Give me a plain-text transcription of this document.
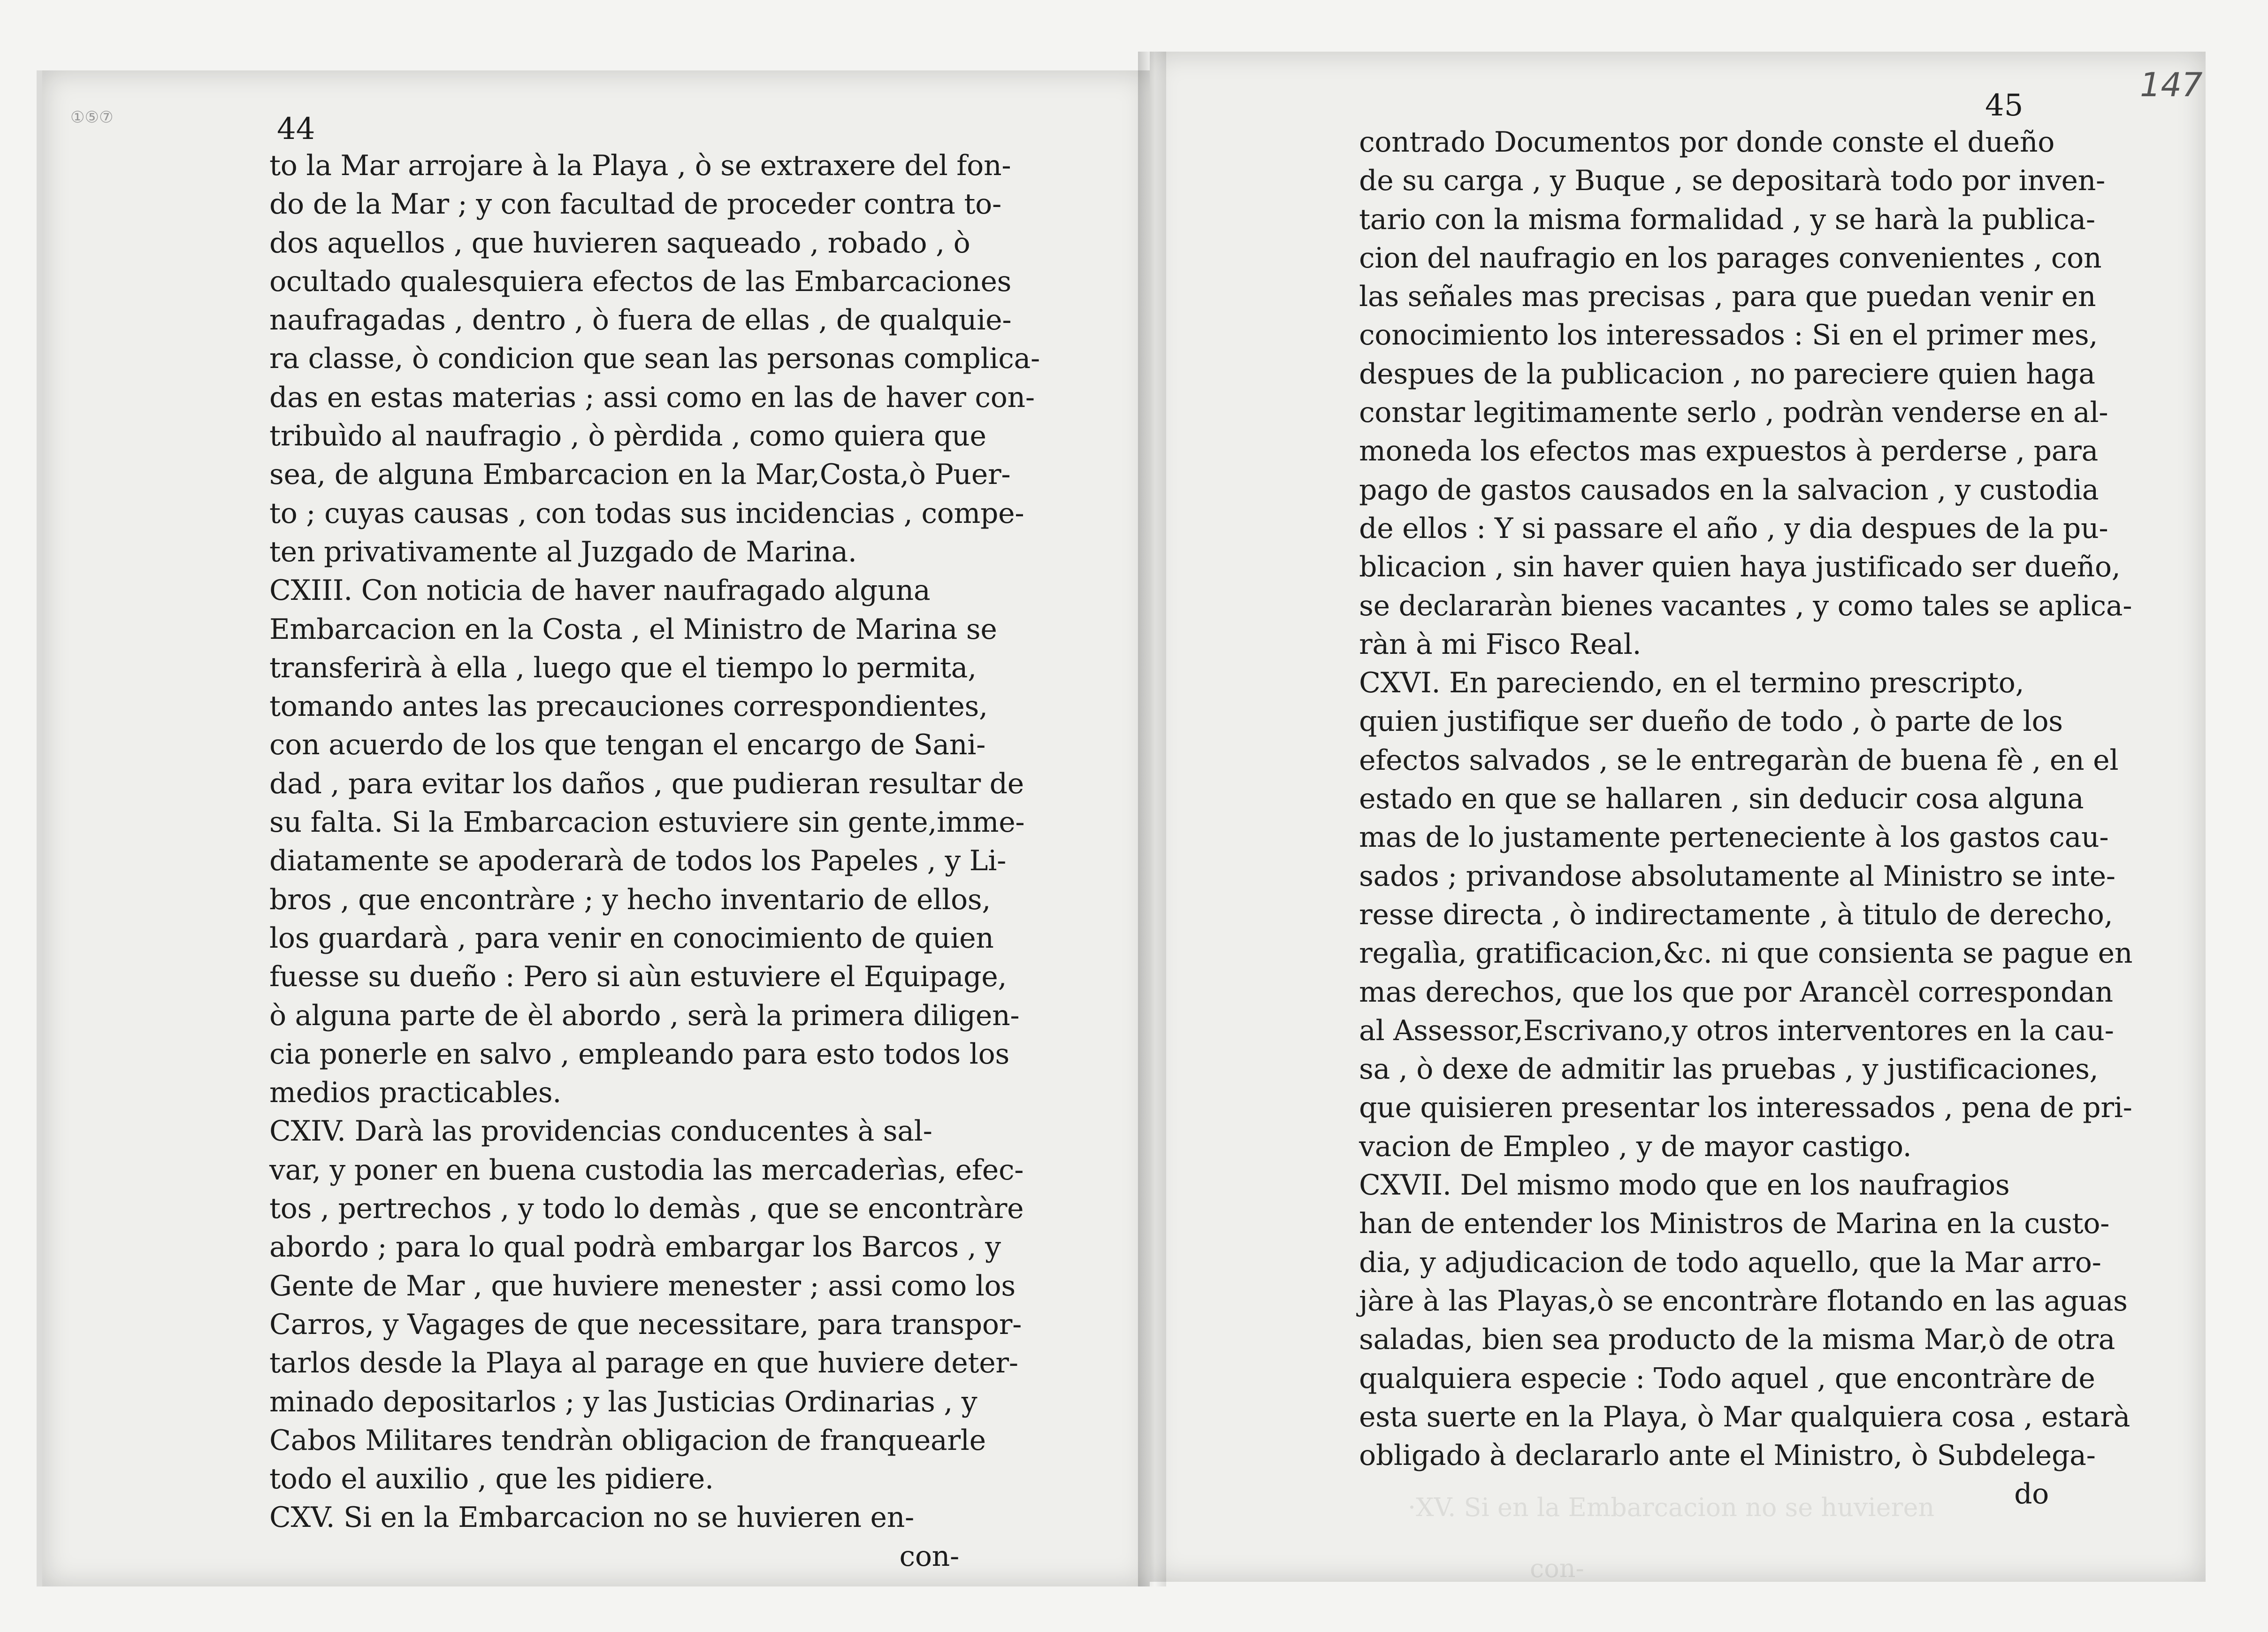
·XV. Si en la Embarcacion no se huvieren
con-
①⑤⑦
147
44
45
to la Mar arrojare à la Playa , ò se extraxere del fon-
do de la Mar ; y con facultad de proceder contra to-
dos aquellos , que huvieren saqueado , robado , ò
ocultado qualesquiera efectos de las Embarcaciones
naufragadas , dentro , ò fuera de ellas , de qualquie-
ra classe, ò condicion que sean las personas complica-
das en estas materias ; assi como en las de haver con-
tribuìdo al naufragio , ò pèrdida , como quiera que
sea, de alguna Embarcacion en la Mar,Costa,ò Puer-
to ; cuyas causas , con todas sus incidencias , compe-
ten privativamente al Juzgado de Marina.
CXIII. Con noticia de haver naufragado alguna
Embarcacion en la Costa , el Ministro de Marina se
transferirà à ella , luego que el tiempo lo permita,
tomando antes las precauciones correspondientes,
con acuerdo de los que tengan el encargo de Sani-
dad , para evitar los daños , que pudieran resultar de
su falta. Si la Embarcacion estuviere sin gente,imme-
diatamente se apoderarà de todos los Papeles , y Li-
bros , que encontràre ; y hecho inventario de ellos,
los guardarà , para venir en conocimiento de quien
fuesse su dueño : Pero si aùn estuviere el Equipage,
ò alguna parte de èl abordo , serà la primera diligen-
cia ponerle en salvo , empleando para esto todos los
medios practicables.
CXIV. Darà las providencias conducentes à sal-
var, y poner en buena custodia las mercaderìas, efec-
tos , pertrechos , y todo lo demàs , que se encontràre
abordo ; para lo qual podrà embargar los Barcos , y
Gente de Mar , que huviere menester ; assi como los
Carros, y Vagages de que necessitare, para transpor-
tarlos desde la Playa al parage en que huviere deter-
minado depositarlos ; y las Justicias Ordinarias , y
Cabos Militares tendràn obligacion de franquearle
todo el auxilio , que les pidiere.
CXV. Si en la Embarcacion no se huvieren en-
con-
contrado Documentos por donde conste el dueño
de su carga , y Buque , se depositarà todo por inven-
tario con la misma formalidad , y se harà la publica-
cion del naufragio en los parages convenientes , con
las señales mas precisas , para que puedan venir en
conocimiento los interessados : Si en el primer mes,
despues de la publicacion , no pareciere quien haga
constar legitimamente serlo , podràn venderse en al-
moneda los efectos mas expuestos à perderse , para
pago de gastos causados en la salvacion , y custodia
de ellos : Y si passare el año , y dia despues de la pu-
blicacion , sin haver quien haya justificado ser dueño,
se declararàn bienes vacantes , y como tales se aplica-
ràn à mi Fisco Real.
CXVI. En pareciendo, en el termino prescripto,
quien justifique ser dueño de todo , ò parte de los
efectos salvados , se le entregaràn de buena fè , en el
estado en que se hallaren , sin deducir cosa alguna
mas de lo justamente perteneciente à los gastos cau-
sados ; privandose absolutamente al Ministro se inte-
resse directa , ò indirectamente , à titulo de derecho,
regalìa, gratificacion,&c. ni que consienta se pague en
mas derechos, que los que por Arancèl correspondan
al Assessor,Escrivano,y otros interventores en la cau-
sa , ò dexe de admitir las pruebas , y justificaciones,
que quisieren presentar los interessados , pena de pri-
vacion de Empleo , y de mayor castigo.
CXVII. Del mismo modo que en los naufragios
han de entender los Ministros de Marina en la custo-
dia, y adjudicacion de todo aquello, que la Mar arro-
jàre à las Playas,ò se encontràre flotando en las aguas
saladas, bien sea producto de la misma Mar,ò de otra
qualquiera especie : Todo aquel , que encontràre de
esta suerte en la Playa, ò Mar qualquiera cosa , estarà
obligado à declararlo ante el Ministro, ò Subdelega-
do
